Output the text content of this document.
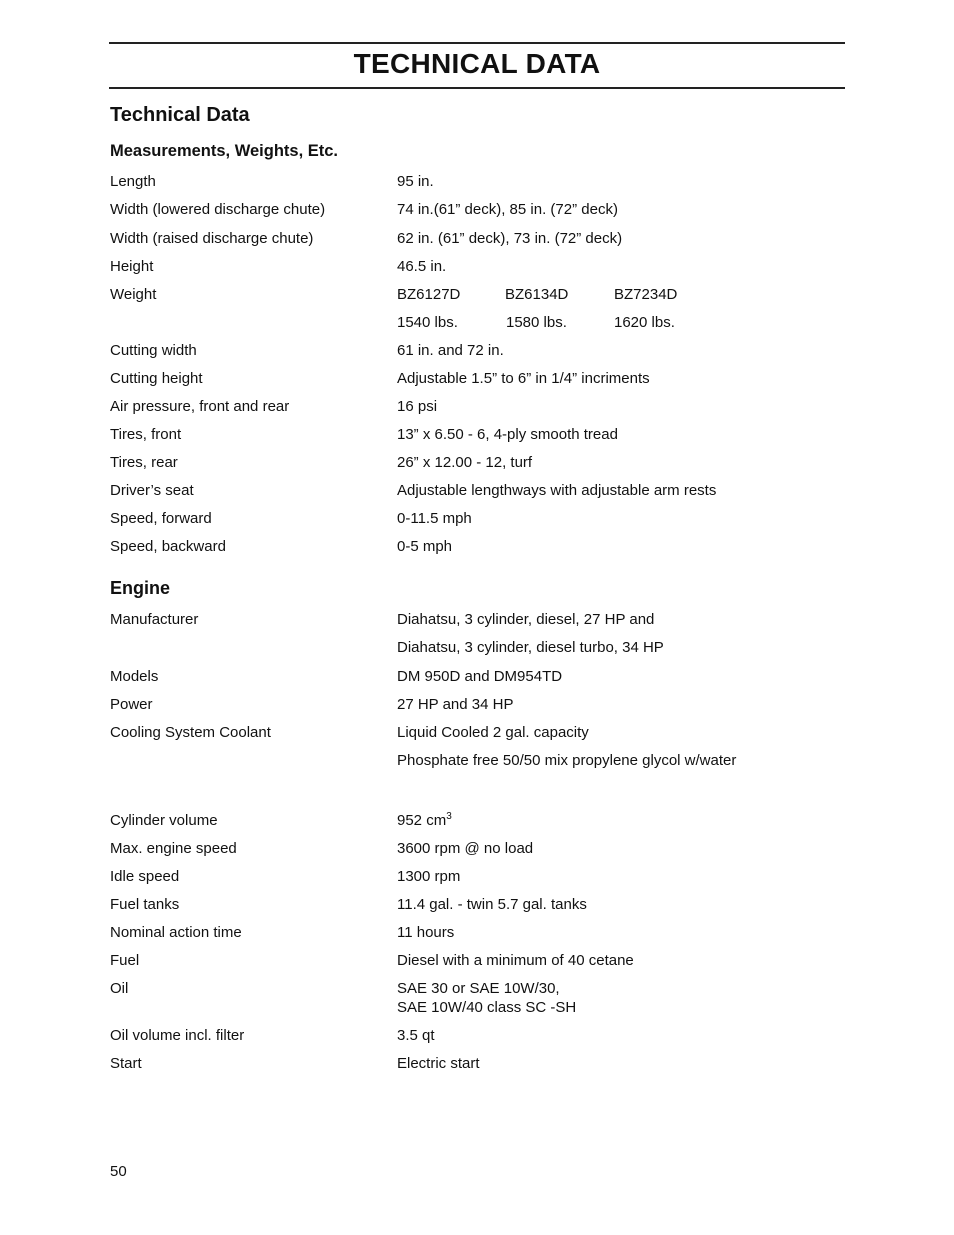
TECHNICAL DATA
Technical Data
Measurements, Weights, Etc.
Length	95 in.
Width (lowered discharge chute)	74 in.(61” deck), 85 in. (72” deck)
Width (raised discharge chute)	62 in. (61” deck), 73 in. (72” deck)
Height	46.5 in.
Weight	BZ6127D	BZ6134D	BZ7234D
1540 lbs.	1580 lbs.	1620 lbs.
Cutting width	61 in. and 72 in.
Cutting height	Adjustable 1.5” to 6” in 1/4” incriments
Air pressure, front and rear	16 psi
Tires, front	13” x 6.50 - 6, 4-ply smooth tread
Tires, rear	26” x 12.00 - 12, turf
Driver’s seat	Adjustable lengthways with adjustable arm rests
Speed, forward	0-11.5 mph
Speed, backward	0-5 mph
Engine
Manufacturer	Diahatsu, 3 cylinder, diesel, 27 HP and
Diahatsu, 3 cylinder, diesel turbo, 34 HP
Models	DM 950D and DM954TD
Power	27 HP and 34 HP
Cooling System Coolant	Liquid Cooled 2 gal. capacity
Phosphate free 50/50 mix propylene glycol w/water
Cylinder volume	952 $cm^3$
Max. engine speed	3600 rpm @ no load
Idle speed	1300 rpm
Fuel tanks	11.4 gal. - twin 5.7 gal. tanks
Nominal action time	11 hours
Fuel	Diesel with a minimum of 40 cetane
Oil	SAE 30 or SAE 10W/30,
SAE 10W/40 class SC -SH
Oil volume incl. filter	3.5 qt
Start	Electric start
50
